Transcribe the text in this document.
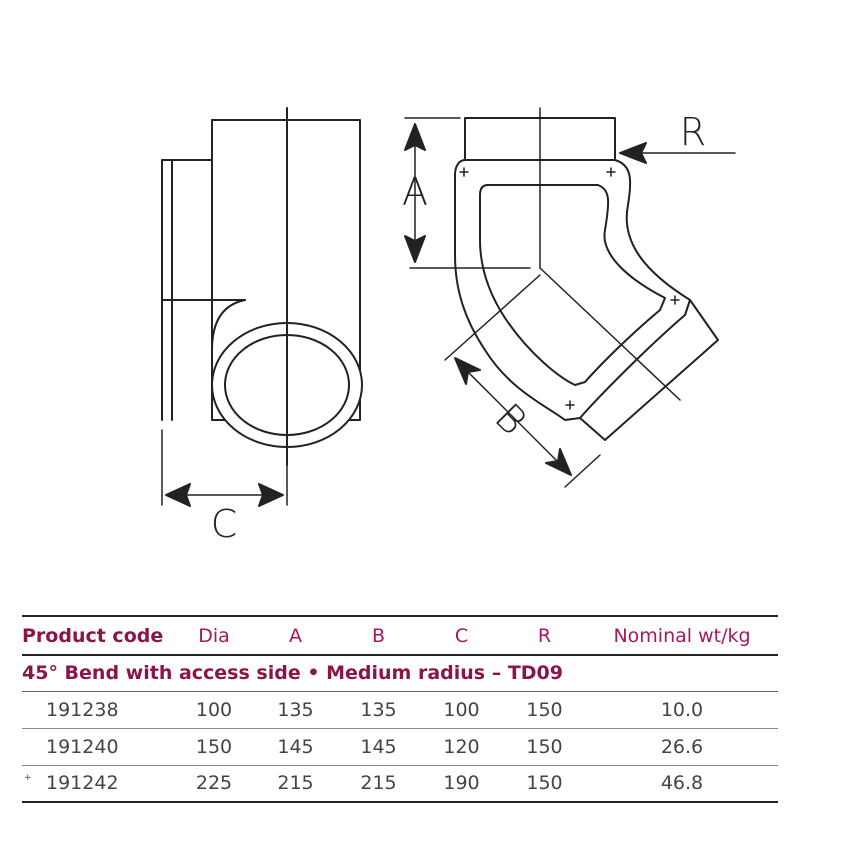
C
A
B
R
Product code	Dia	A	B	C	R	Nominal wt/kg
45° Bend with access side • Medium radius – TD09						

191238	100	135	135	100	150	10.0

191240	150	145	145	120	150	26.6

+ 191242	225	215	215	190	150	46.8
